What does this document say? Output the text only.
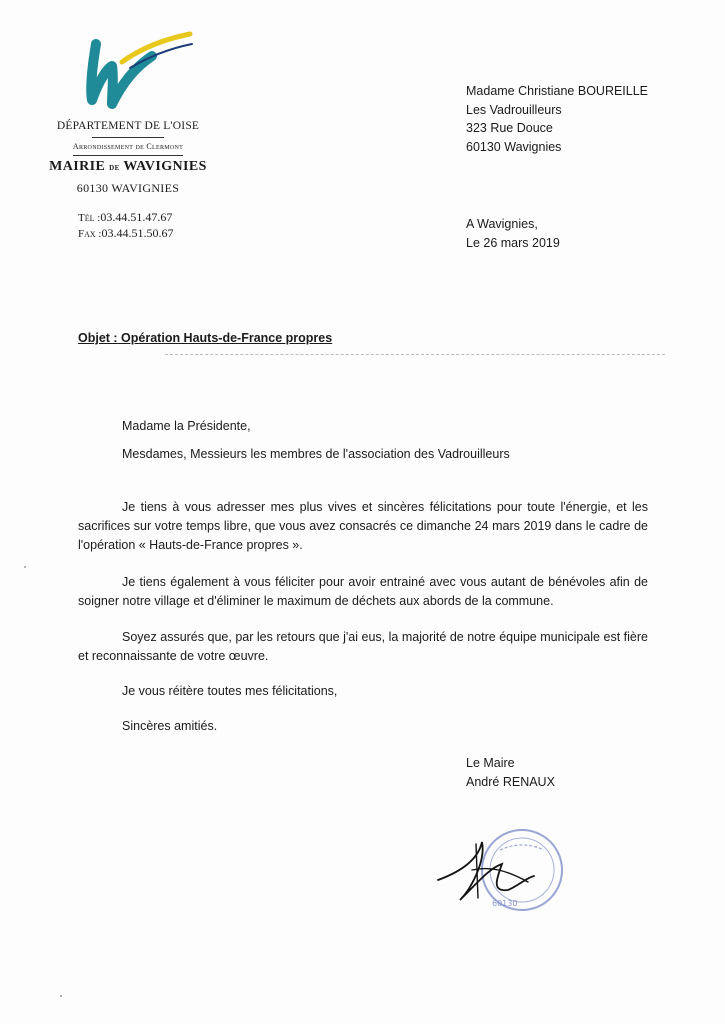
DÉPARTEMENT DE L'OISE
Arrondissement de Clermont
MAIRIE de WAVIGNIES
60130 WAVIGNIES
Tél :03.44.51.47.67
Fax :03.44.51.50.67
Madame Christiane BOUREILLE
Les Vadrouilleurs
323 Rue Douce
60130 Wavignies
A Wavignies,
Le 26 mars 2019
Objet : Opération Hauts-de-France propres
Madame la Présidente,
Mesdames, Messieurs les membres de l'association des Vadrouilleurs
Je tiens à vous adresser mes plus vives et sincères félicitations pour toute l'énergie, et les sacrifices sur votre temps libre, que vous avez consacrés ce dimanche 24 mars 2019 dans le cadre de l'opération « Hauts-de-France propres ».
Je tiens également à vous féliciter pour avoir entrainé avec vous autant de bénévoles afin de soigner notre village et d'éliminer le maximum de déchets aux abords de la commune.
Soyez assurés que, par les retours que j'ai eus, la majorité de notre équipe municipale est fière et reconnaissante de votre œuvre.
Je vous réitère toutes mes félicitations,
Sincères amitiés.
Le Maire
André RENAUX
60130
